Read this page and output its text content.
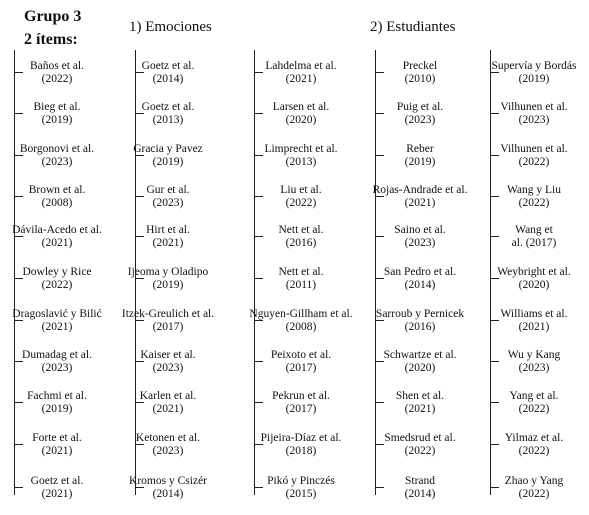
Grupo 3
2 ítems:
1) Emociones	2) Estudiantes
Baños et al.
(2022)
Bieg et al.
(2019)
Borgonovi et al.
(2023)
Brown et al.
(2008)
Dávila-Acedo et al.
(2021)
Dowley y Rice
(2022)
Dragoslavić y Bilić
(2021)
Dumadag et al.
(2023)
Fachmi et al.
(2019)
Forte et al.
(2021)
Goetz et al.
(2021)
Goetz et al.
(2014)
Goetz et al.
(2013)
Gracia y Pavez
(2019)
Gur et al.
(2023)
Hirt et al.
(2021)
Ijeoma y Oladipo
(2019)
Itzek-Greulich et al.
(2017)
Kaiser et al.
(2023)
Karlen et al.
(2021)
Ketonen et al.
(2023)
Kromos y Csizér
(2014)
Lahdelma et al.
(2021)
Larsen et al.
(2020)
Limprecht et al.
(2013)
Liu et al.
(2022)
Nett et al.
(2016)
Nett et al.
(2011)
Nguyen-Gillham et al.
(2008)
Peixoto et al.
(2017)
Pekrun et al.
(2017)
Pijeira-Díaz et al.
(2018)
Pikó y Pinczés
(2015)
Preckel
(2010)
Puig et al.
(2023)
Reber
(2019)
Rojas-Andrade et al.
(2021)
Saino et al.
(2023)
San Pedro et al.
(2014)
Sarroub y Pernicek
(2016)
Schwartze et al.
(2020)
Shen et al.
(2021)
Smedsrud et al.
(2022)
Strand
(2014)
Supervía y Bordás
(2019)
Vilhunen et al.
(2023)
Vilhunen et al.
(2022)
Wang y Liu
(2022)
Wang et
al. (2017)
Weybright et al.
(2020)
Williams et al.
(2021)
Wu y Kang
(2023)
Yang et al.
(2022)
Yilmaz et al.
(2022)
Zhao y Yang
(2022)
